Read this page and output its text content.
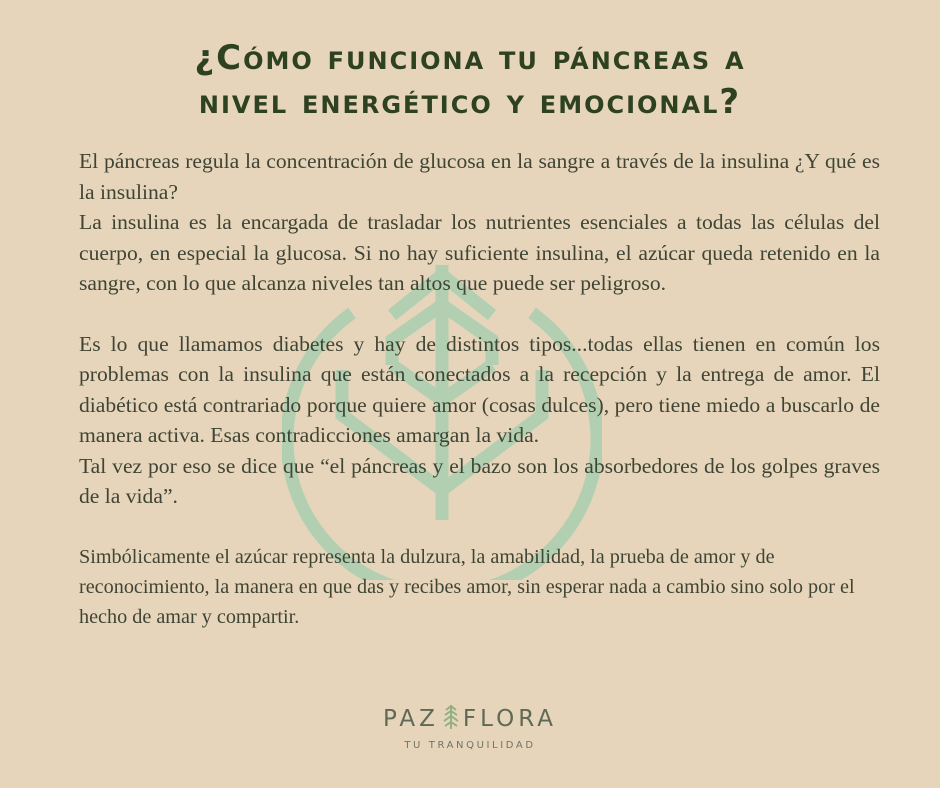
¿Cómo funciona tu páncreas a
nivel energético y emocional?

El páncreas regula la concentración de glucosa en la sangre a través de la insulina ¿Y qué es la insulina?

La insulina es la encargada de trasladar los nutrientes esenciales a todas las células del cuerpo, en especial la glucosa. Si no hay suficiente insulina, el azúcar queda retenido en la sangre, con lo que alcanza niveles tan altos que puede ser peligroso.

Es lo que llamamos diabetes y hay de distintos tipos...todas ellas tienen en común los problemas con la insulina que están conectados a la recepción y la entrega de amor. El diabético está contrariado porque quiere amor (cosas dulces), pero tiene miedo a buscarlo de manera activa. Esas contradicciones amargan la vida.

Tal vez por eso se dice que “el páncreas y el bazo son los absorbedores de los golpes graves de la vida”.

Simbólicamente el azúcar representa la dulzura, la amabilidad, la prueba de amor y de reconocimiento, la manera en que das y recibes amor, sin esperar nada a cambio sino solo por el hecho de amar y compartir.

PAZ FLORA
TU TRANQUILIDAD
